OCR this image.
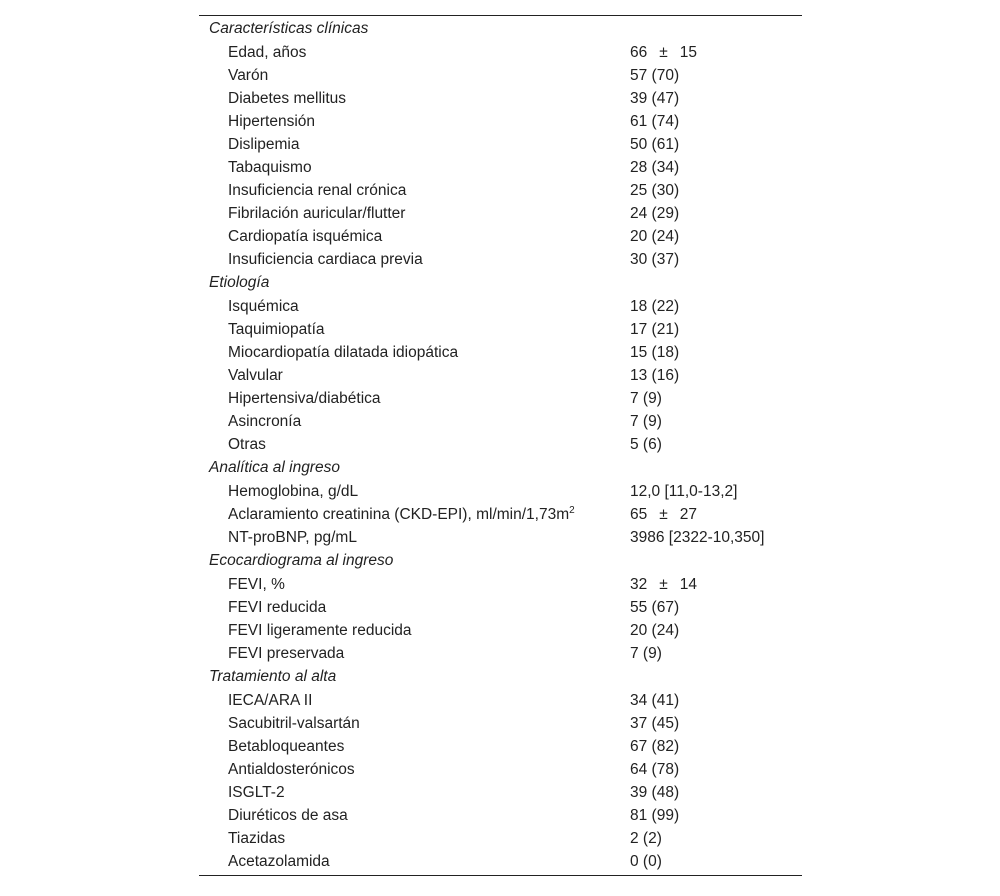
Características clínicas
Edad, años	66 ± 15
Varón	57 (70)
Diabetes mellitus	39 (47)
Hipertensión	61 (74)
Dislipemia	50 (61)
Tabaquismo	28 (34)
Insuficiencia renal crónica	25 (30)
Fibrilación auricular/flutter	24 (29)
Cardiopatía isquémica	20 (24)
Insuficiencia cardiaca previa	30 (37)
Etiología
Isquémica	18 (22)
Taquimiopatía	17 (21)
Miocardiopatía dilatada idiopática	15 (18)
Valvular	13 (16)
Hipertensiva/diabética	7 (9)
Asincronía	7 (9)
Otras	5 (6)
Analítica al ingreso
Hemoglobina, g/dL	12,0 [11,0-13,2]
Aclaramiento creatinina (CKD-EPI), $ml/\min/1,73m^2$	65 ± 27
NT-proBNP, pg/mL	3986 [2322-10,350]
Ecocardiograma al ingreso
FEVI, %	32 ± 14
FEVI reducida	55 (67)
FEVI ligeramente reducida	20 (24)
FEVI preservada	7 (9)
Tratamiento al alta
IECA/ARA II	34 (41)
Sacubitril-valsartán	37 (45)
Betabloqueantes	67 (82)
Antialdosterónicos	64 (78)
ISGLT-2	39 (48)
Diuréticos de asa	81 (99)
Tiazidas	2 (2)
Acetazolamida	0 (0)
